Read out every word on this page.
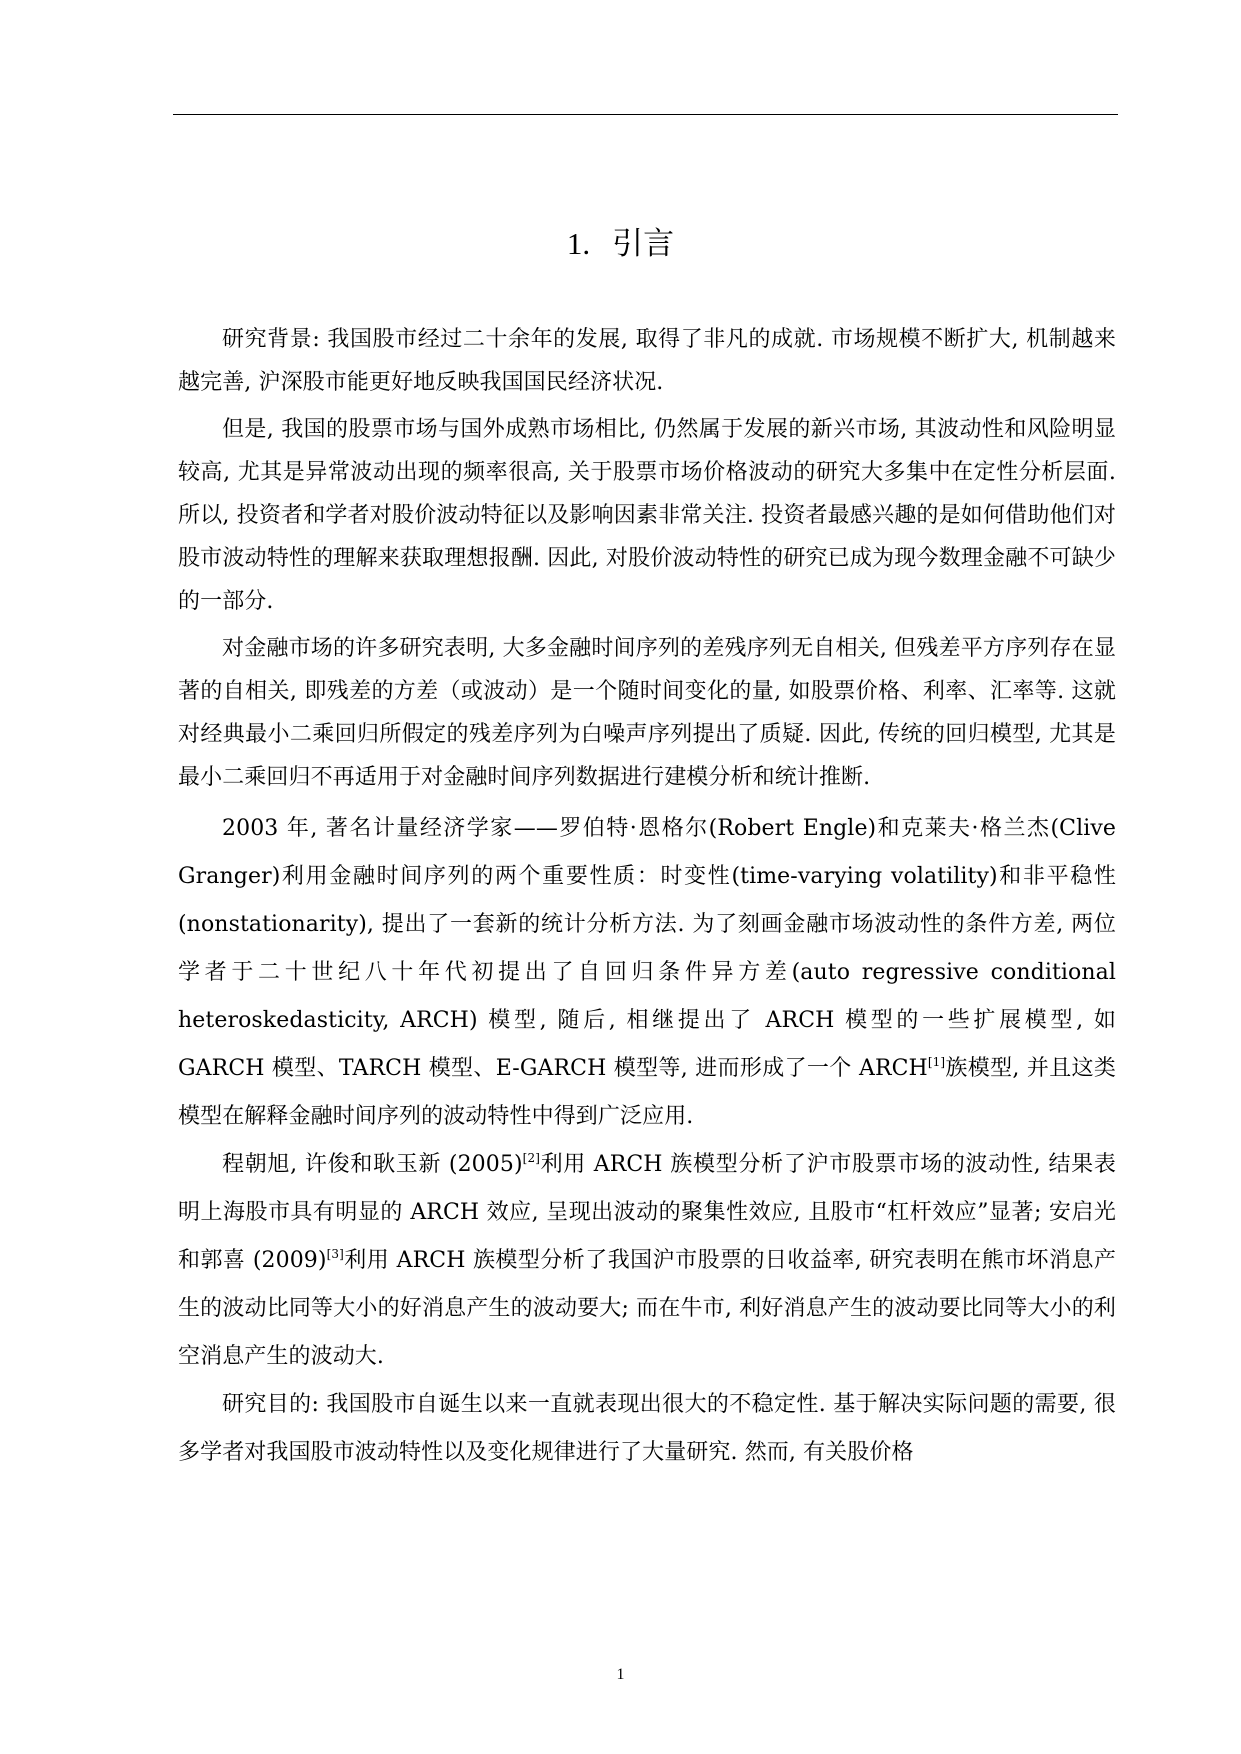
1. 引言

研究背景: 我国股市经过二十余年的发展, 取得了非凡的成就. 市场规模不断扩大, 机制越来越完善, 沪深股市能更好地反映我国国民经济状况.

但是, 我国的股票市场与国外成熟市场相比, 仍然属于发展的新兴市场, 其波动性和风险明显较高, 尤其是异常波动出现的频率很高, 关于股票市场价格波动的研究大多集中在定性分析层面. 所以, 投资者和学者对股价波动特征以及影响因素非常关注. 投资者最感兴趣的是如何借助他们对股市波动特性的理解来获取理想报酬. 因此, 对股价波动特性的研究已成为现今数理金融不可缺少的一部分.

对金融市场的许多研究表明, 大多金融时间序列的差残序列无自相关, 但残差平方序列存在显著的自相关, 即残差的方差（或波动）是一个随时间变化的量, 如股票价格、利率、汇率等. 这就对经典最小二乘回归所假定的残差序列为白噪声序列提出了质疑. 因此, 传统的回归模型, 尤其是最小二乘回归不再适用于对金融时间序列数据进行建模分析和统计推断.

2003 年, 著名计量经济学家——罗伯特·恩格尔(Robert Engle)和克莱夫·格兰杰(Clive Granger)利用金融时间序列的两个重要性质：时变性(time-varying volatility)和非平稳性(nonstationarity), 提出了一套新的统计分析方法. 为了刻画金融市场波动性的条件方差, 两位学者于二十世纪八十年代初提出了自回归条件异方差(auto regressive conditional heteroskedasticity, ARCH) 模型, 随后, 相继提出了 ARCH 模型的一些扩展模型, 如 GARCH 模型、TARCH 模型、E-GARCH 模型等, 进而形成了一个 ARCH[1]族模型, 并且这类模型在解释金融时间序列的波动特性中得到广泛应用.

程朝旭, 许俊和耿玉新 (2005)[2]利用 ARCH 族模型分析了沪市股票市场的波动性, 结果表明上海股市具有明显的 ARCH 效应, 呈现出波动的聚集性效应, 且股市“杠杆效应”显著; 安启光和郭喜 (2009)[3]利用 ARCH 族模型分析了我国沪市股票的日收益率, 研究表明在熊市坏消息产生的波动比同等大小的好消息产生的波动要大; 而在牛市, 利好消息产生的波动要比同等大小的利空消息产生的波动大.

研究目的: 我国股市自诞生以来一直就表现出很大的不稳定性. 基于解决实际问题的需要, 很多学者对我国股市波动特性以及变化规律进行了大量研究. 然而, 有关股价格

1
